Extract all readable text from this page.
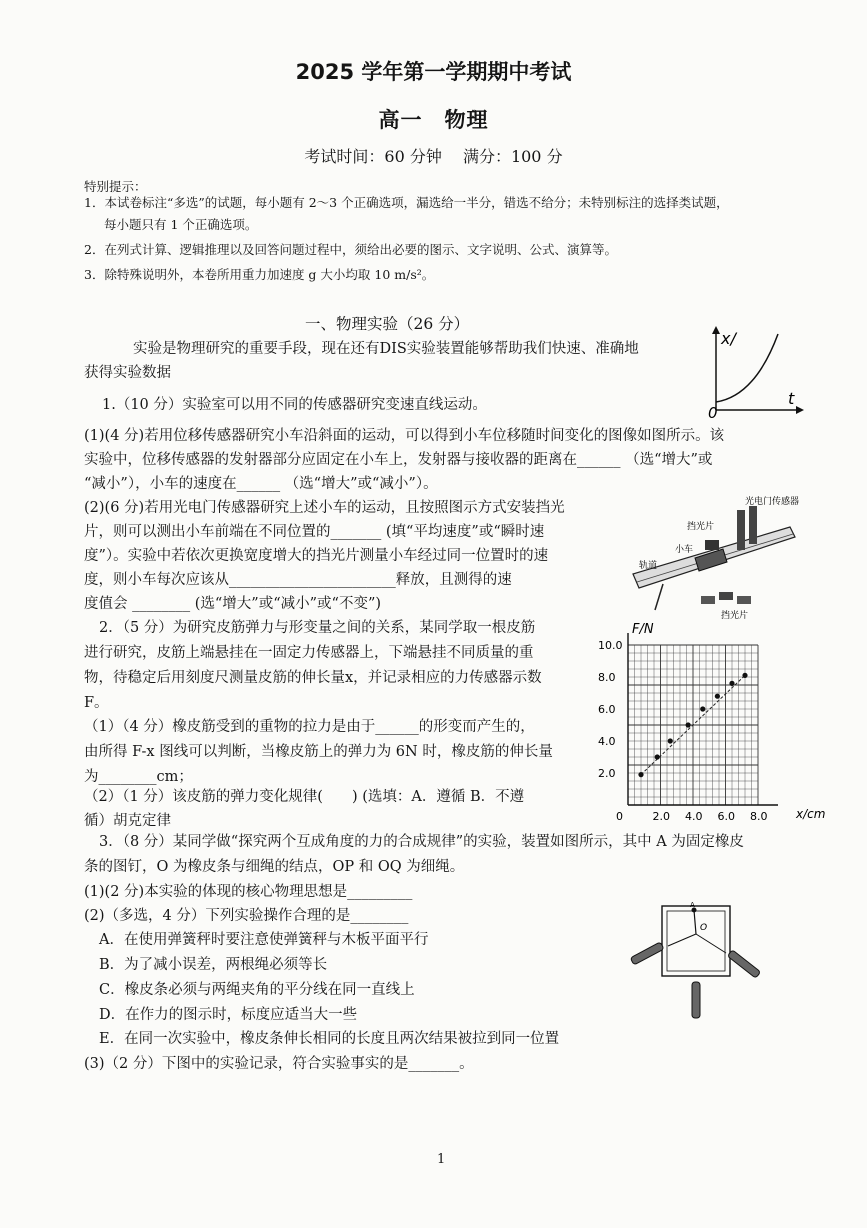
2025 学年第一学期期中考试
高一　物理
考试时间：60 分钟　 满分：100 分
特别提示：
1．本试卷标注“多选”的试题，每小题有 2～3 个正确选项，漏选给一半分，错选不给分；未特别标注的选择类试题，
每小题只有 1 个正确选项。
2．在列式计算、逻辑推理以及回答问题过程中，须给出必要的图示、文字说明、公式、演算等。
3．除特殊说明外，本卷所用重力加速度 g 大小均取 10 m/s²。
一、物理实验（26 分）
实验是物理研究的重要手段，现在还有DIS实验装置能够帮助我们快速、准确地
获得实验数据
x/
t
0
1.（10 分）实验室可以用不同的传感器研究变速直线运动。
(1)(4 分)若用位移传感器研究小车沿斜面的运动，可以得到小车位移随时间变化的图像如图所示。该
实验中，位移传感器的发射器部分应固定在小车上，发射器与接收器的距离在______ （选“增大”或
“减小”），小车的速度在______ （选“增大”或“减小”）。
(2)(6 分)若用光电门传感器研究上述小车的运动，且按照图示方式安装挡光
片，则可以测出小车前端在不同位置的_______ (填“平均速度”或“瞬时速
度”）。实验中若依次更换宽度增大的挡光片测量小车经过同一位置时的速
度，则小车每次应该从_______________________释放，且测得的速
度值会 ________ (选“增大”或“减小”或“不变”)
光电门传感器
挡光片
小车
轨道
挡光片
2．（5 分）为研究皮筋弹力与形变量之间的关系，某同学取一根皮筋
进行研究，皮筋上端悬挂在一固定力传感器上，下端悬挂不同质量的重
物，待稳定后用刻度尺测量皮筋的伸长量x，并记录相应的力传感器示数
F。
（1）（4 分）橡皮筋受到的重物的拉力是由于______的形变而产生的，
由所得 F-x 图线可以判断，当橡皮筋上的弹力为 6N 时，橡皮筋的伸长量
为________cm；
（2）（1 分）该皮筋的弹力变化规律(　　) (选填：A．遵循 B．不遵
循）胡克定律	0	2.0 4.0 6.0 8.0
2.0
4.0
6.0
8.0
10.0
F/N
x/cm
3．（8 分）某同学做“探究两个互成角度的力的合成规律”的实验，装置如图所示，其中 A 为固定橡皮
条的图钉，O 为橡皮条与细绳的结点，OP 和 OQ 为细绳。
(1)(2 分)本实验的体现的核心物理思想是_________
(2)（多选，4 分）下列实验操作合理的是________
A．在使用弹簧秤时要注意使弹簧秤与木板平面平行
B．为了减小误差，两根绳必须等长
C．橡皮条必须与两绳夹角的平分线在同一直线上
D．在作力的图示时，标度应适当大一些
E．在同一次实验中，橡皮条伸长相同的长度且两次结果被拉到同一位置
(3)（2 分）下图中的实验记录，符合实验事实的是_______。
A
O
1
